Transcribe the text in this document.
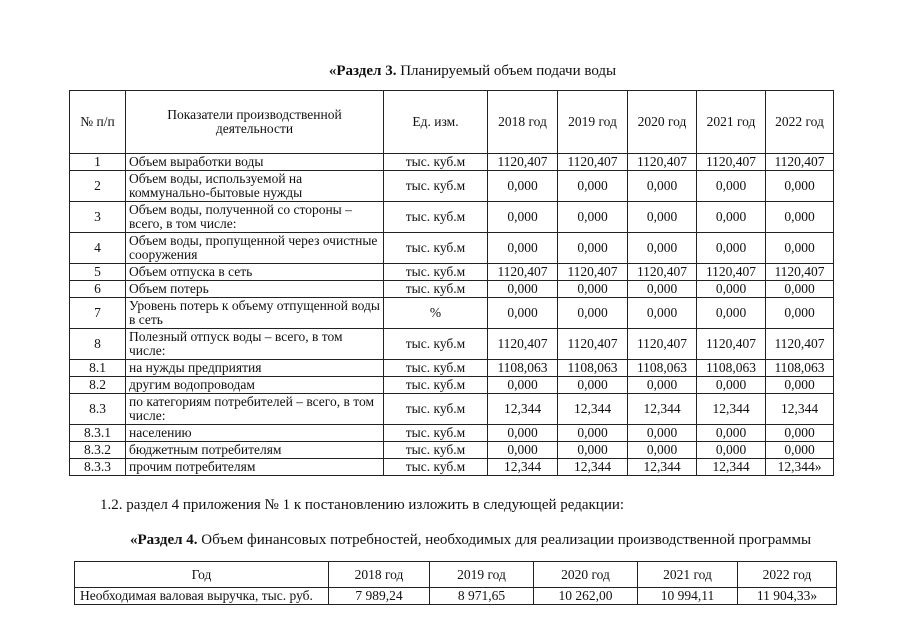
«Раздел 3. Планируемый объем подачи воды
№ п/п	Показатели производственной деятельности	Ед. изм.	2018 год	2019 год	2020 год	2021 год	2022 год
1	Объем выработки воды	тыс. куб.м	1120,407	1120,407	1120,407	1120,407	1120,407
2	Объем воды, используемой на коммунально-бытовые нужды	тыс. куб.м	0,000	0,000	0,000	0,000	0,000
3	Объем воды, полученной со стороны – всего, в том числе:	тыс. куб.м	0,000	0,000	0,000	0,000	0,000
4	Объем воды, пропущенной через очистные сооружения	тыс. куб.м	0,000	0,000	0,000	0,000	0,000
5	Объем отпуска в сеть	тыс. куб.м	1120,407	1120,407	1120,407	1120,407	1120,407
6	Объем потерь	тыс. куб.м	0,000	0,000	0,000	0,000	0,000
7	Уровень потерь к объему отпущенной воды в сеть	%	0,000	0,000	0,000	0,000	0,000
8	Полезный отпуск воды – всего, в том числе:	тыс. куб.м	1120,407	1120,407	1120,407	1120,407	1120,407
8.1	на нужды предприятия	тыс. куб.м	1108,063	1108,063	1108,063	1108,063	1108,063
8.2	другим водопроводам	тыс. куб.м	0,000	0,000	0,000	0,000	0,000
8.3	по категориям потребителей – всего, в том числе:	тыс. куб.м	12,344	12,344	12,344	12,344	12,344
8.3.1	населению	тыс. куб.м	0,000	0,000	0,000	0,000	0,000
8.3.2	бюджетным потребителям	тыс. куб.м	0,000	0,000	0,000	0,000	0,000
8.3.3	прочим потребителям	тыс. куб.м	12,344	12,344	12,344	12,344	12,344»
1.2. раздел 4 приложения № 1 к постановлению изложить в следующей редакции:
«Раздел 4. Объем финансовых потребностей, необходимых для реализации производственной программы
Год	2018 год	2019 год	2020 год	2021 год	2022 год
Необходимая валовая выручка, тыс. руб.	7 989,24	8 971,65	10 262,00	10 994,11	11 904,33»
